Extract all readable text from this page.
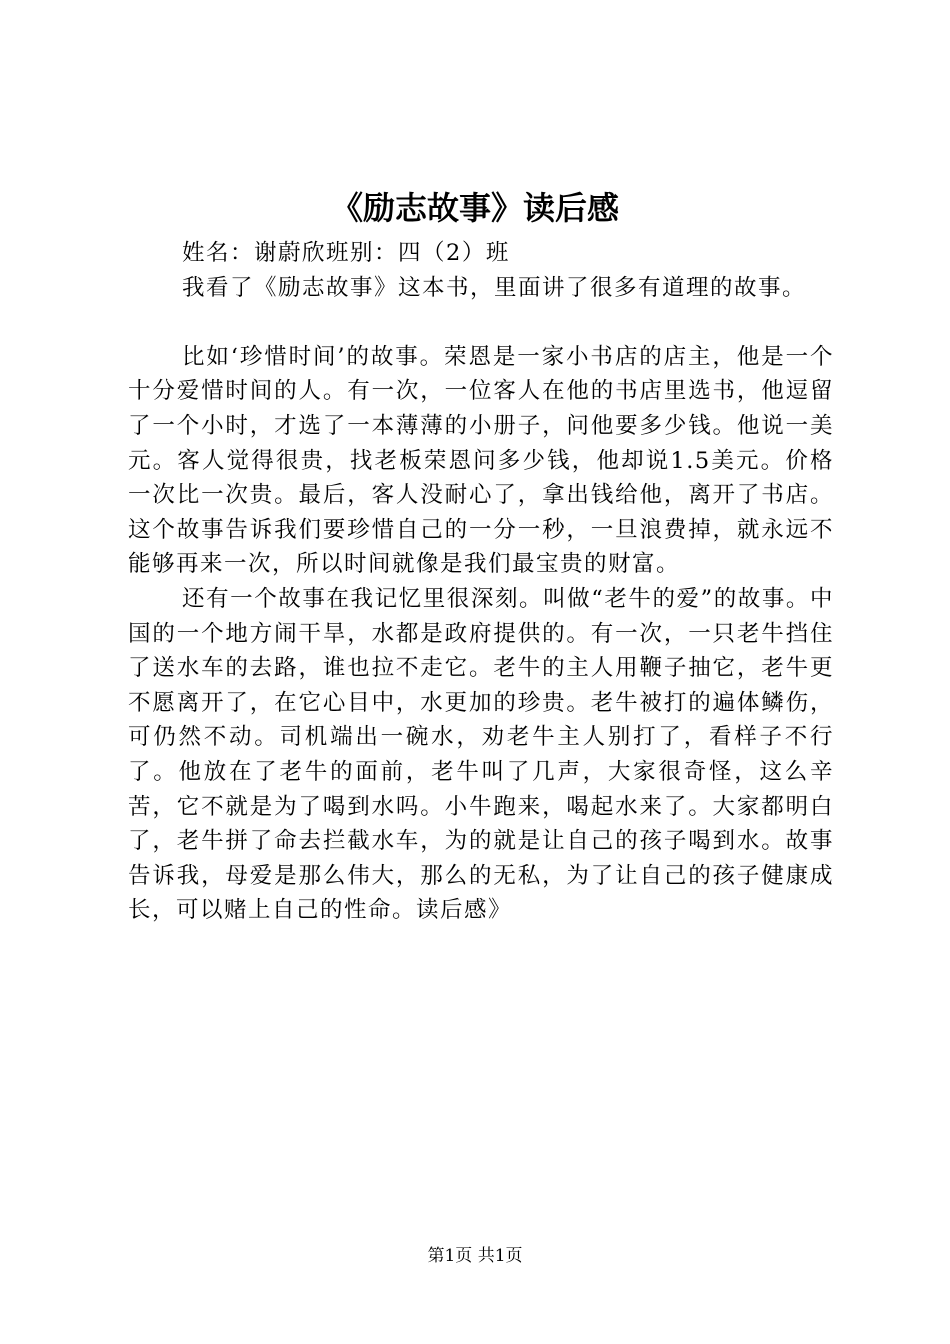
《励志故事》读后感

姓名：谢蔚欣班别：四（2）班

我看了《励志故事》这本书，里面讲了很多有道理的故事。

比如‘珍惜时间’的故事。荣恩是一家小书店的店主，他是一个十分爱惜时间的人。有一次，一位客人在他的书店里选书，他逗留了一个小时，才选了一本薄薄的小册子，问他要多少钱。他说一美元。客人觉得很贵，找老板荣恩问多少钱，他却说1.5美元。价格一次比一次贵。最后，客人没耐心了，拿出钱给他，离开了书店。这个故事告诉我们要珍惜自己的一分一秒，一旦浪费掉，就永远不能够再来一次，所以时间就像是我们最宝贵的财富。

还有一个故事在我记忆里很深刻。叫做“老牛的爱”的故事。中国的一个地方闹干旱，水都是政府提供的。有一次，一只老牛挡住了送水车的去路，谁也拉不走它。老牛的主人用鞭子抽它，老牛更不愿离开了，在它心目中，水更加的珍贵。老牛被打的遍体鳞伤，可仍然不动。司机端出一碗水，劝老牛主人别打了，看样子不行了。他放在了老牛的面前，老牛叫了几声，大家很奇怪，这么辛苦，它不就是为了喝到水吗。小牛跑来，喝起水来了。大家都明白了，老牛拼了命去拦截水车，为的就是让自己的孩子喝到水。故事告诉我，母爱是那么伟大，那么的无私，为了让自己的孩子健康成长，可以赌上自己的性命。读后感》

第1页 共1页
